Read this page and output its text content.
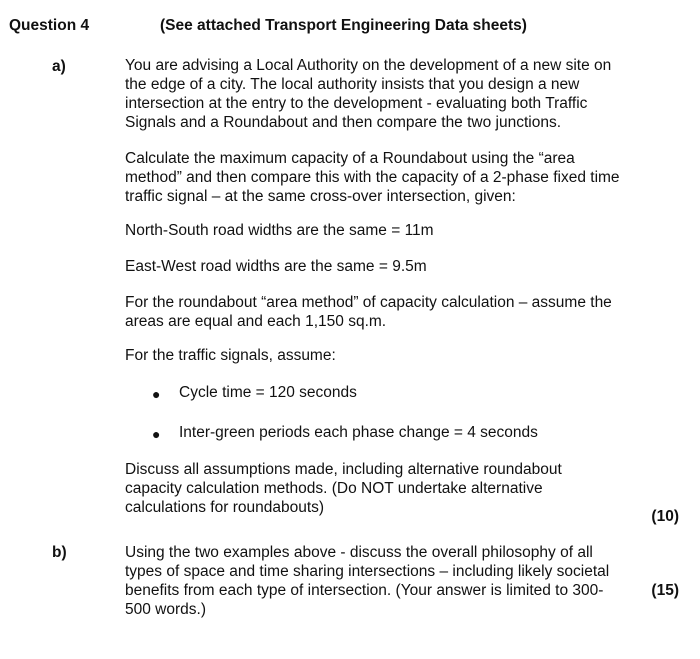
Question 4	(See attached Transport Engineering Data sheets)
a)	You are advising a Local Authority on the development of a new site on the edge of a city. The local authority insists that you design a new intersection at the entry to the development - evaluating both Traffic Signals and a Roundabout and then compare the two junctions.
Calculate the maximum capacity of a Roundabout using the “area method” and then compare this with the capacity of a 2-phase fixed time traffic signal – at the same cross-over intersection, given:
North-South road widths are the same = 11m
East-West road widths are the same = 9.5m
For the roundabout “area method” of capacity calculation – assume the areas are equal and each 1,150 sq.m.
For the traffic signals, assume:
● Cycle time = 120 seconds
● Inter-green periods each phase change = 4 seconds
Discuss all assumptions made, including alternative roundabout capacity calculation methods. (Do NOT undertake alternative calculations for roundabouts)
(10)
b)	Using the two examples above - discuss the overall philosophy of all types of space and time sharing intersections – including likely societal benefits from each type of intersection. (Your answer is limited to 300-500 words.)
(15)
